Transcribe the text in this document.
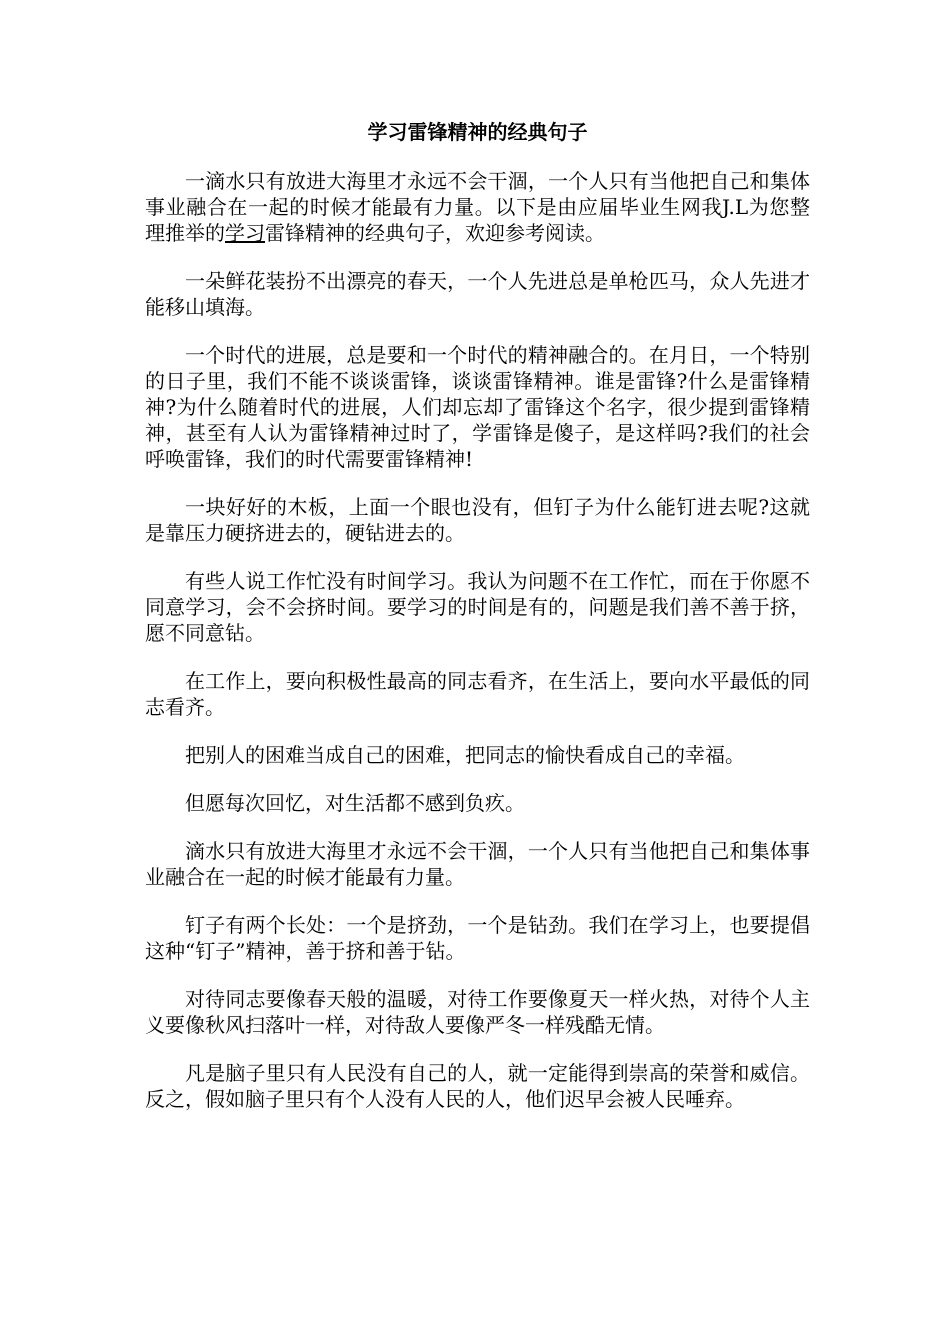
学习雷锋精神的经典句子

一滴水只有放进大海里才永远不会干涸，一个人只有当他把自己和集体事业融合在一起的时候才能最有力量。以下是由应届毕业生网我J.L为您整理推举的学习雷锋精神的经典句子，欢迎参考阅读。

一朵鲜花装扮不出漂亮的春天，一个人先进总是单枪匹马，众人先进才能移山填海。

一个时代的进展，总是要和一个时代的精神融合的。在月日，一个特别的日子里，我们不能不谈谈雷锋，谈谈雷锋精神。谁是雷锋?什么是雷锋精神?为什么随着时代的进展，人们却忘却了雷锋这个名字，很少提到雷锋精神，甚至有人认为雷锋精神过时了，学雷锋是傻子，是这样吗?我们的社会呼唤雷锋，我们的时代需要雷锋精神!

一块好好的木板，上面一个眼也没有，但钉子为什么能钉进去呢?这就是靠压力硬挤进去的，硬钻进去的。

有些人说工作忙没有时间学习。我认为问题不在工作忙，而在于你愿不同意学习，会不会挤时间。要学习的时间是有的，问题是我们善不善于挤，愿不同意钻。

在工作上，要向积极性最高的同志看齐，在生活上，要向水平最低的同志看齐。

把别人的困难当成自己的困难，把同志的愉快看成自己的幸福。

但愿每次回忆，对生活都不感到负疚。

滴水只有放进大海里才永远不会干涸，一个人只有当他把自己和集体事业融合在一起的时候才能最有力量。

钉子有两个长处：一个是挤劲，一个是钻劲。我们在学习上，也要提倡这种“钉子”精神，善于挤和善于钻。

对待同志要像春天般的温暖，对待工作要像夏天一样火热，对待个人主义要像秋风扫落叶一样，对待敌人要像严冬一样残酷无情。

凡是脑子里只有人民没有自己的人，就一定能得到崇高的荣誉和威信。反之，假如脑子里只有个人没有人民的人，他们迟早会被人民唾弃。
